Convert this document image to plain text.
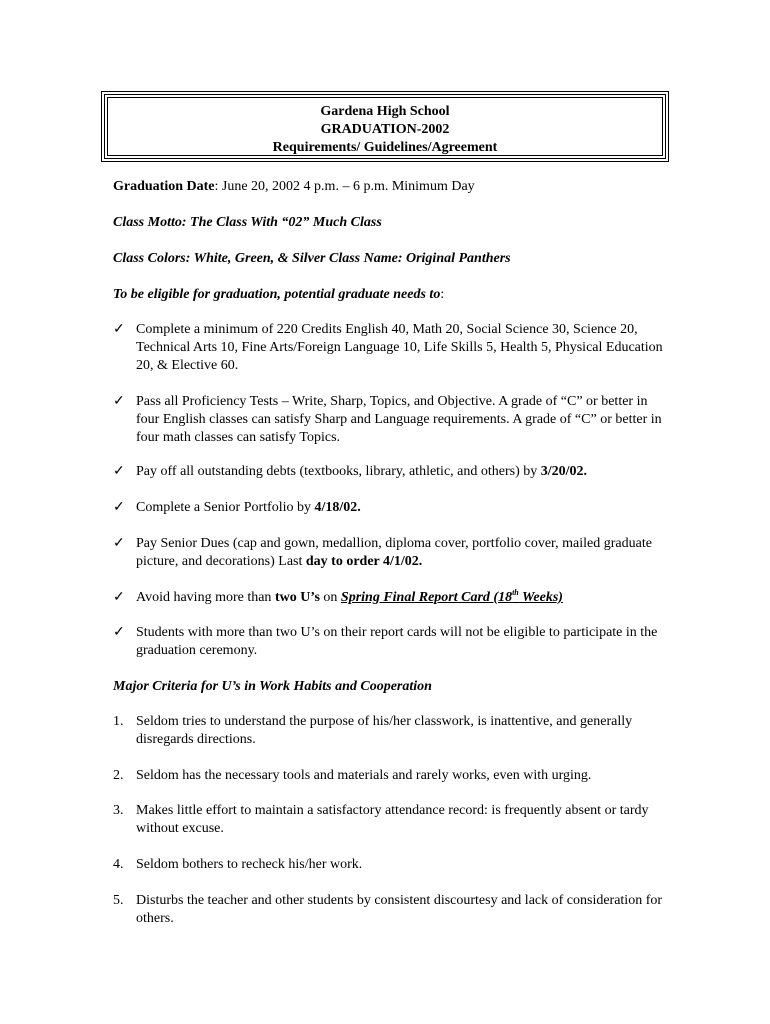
Gardena High School
GRADUATION-2002
Requirements/ Guidelines/Agreement
Graduation Date: June 20, 2002 4 p.m. – 6 p.m. Minimum Day
Class Motto: The Class With “02” Much Class
Class Colors: White, Green, & Silver Class Name: Original Panthers
To be eligible for graduation, potential graduate needs to:
✓ Complete a minimum of 220 Credits English 40, Math 20, Social Science 30, Science 20, Technical Arts 10, Fine Arts/Foreign Language 10, Life Skills 5, Health 5, Physical Education 20, & Elective 60.
✓ Pass all Proficiency Tests – Write, Sharp, Topics, and Objective. A grade of “C” or better in four English classes can satisfy Sharp and Language requirements. A grade of “C” or better in four math classes can satisfy Topics.
✓ Pay off all outstanding debts (textbooks, library, athletic, and others) by 3/20/02.
✓ Complete a Senior Portfolio by 4/18/02.
✓ Pay Senior Dues (cap and gown, medallion, diploma cover, portfolio cover, mailed graduate picture, and decorations) Last day to order 4/1/02.
✓ Avoid having more than two U’s on Spring Final Report Card (18th Weeks)
✓ Students with more than two U’s on their report cards will not be eligible to participate in the graduation ceremony.
Major Criteria for U’s in Work Habits and Cooperation
1. Seldom tries to understand the purpose of his/her classwork, is inattentive, and generally disregards directions.
2. Seldom has the necessary tools and materials and rarely works, even with urging.
3. Makes little effort to maintain a satisfactory attendance record: is frequently absent or tardy without excuse.
4. Seldom bothers to recheck his/her work.
5. Disturbs the teacher and other students by consistent discourtesy and lack of consideration for others.
